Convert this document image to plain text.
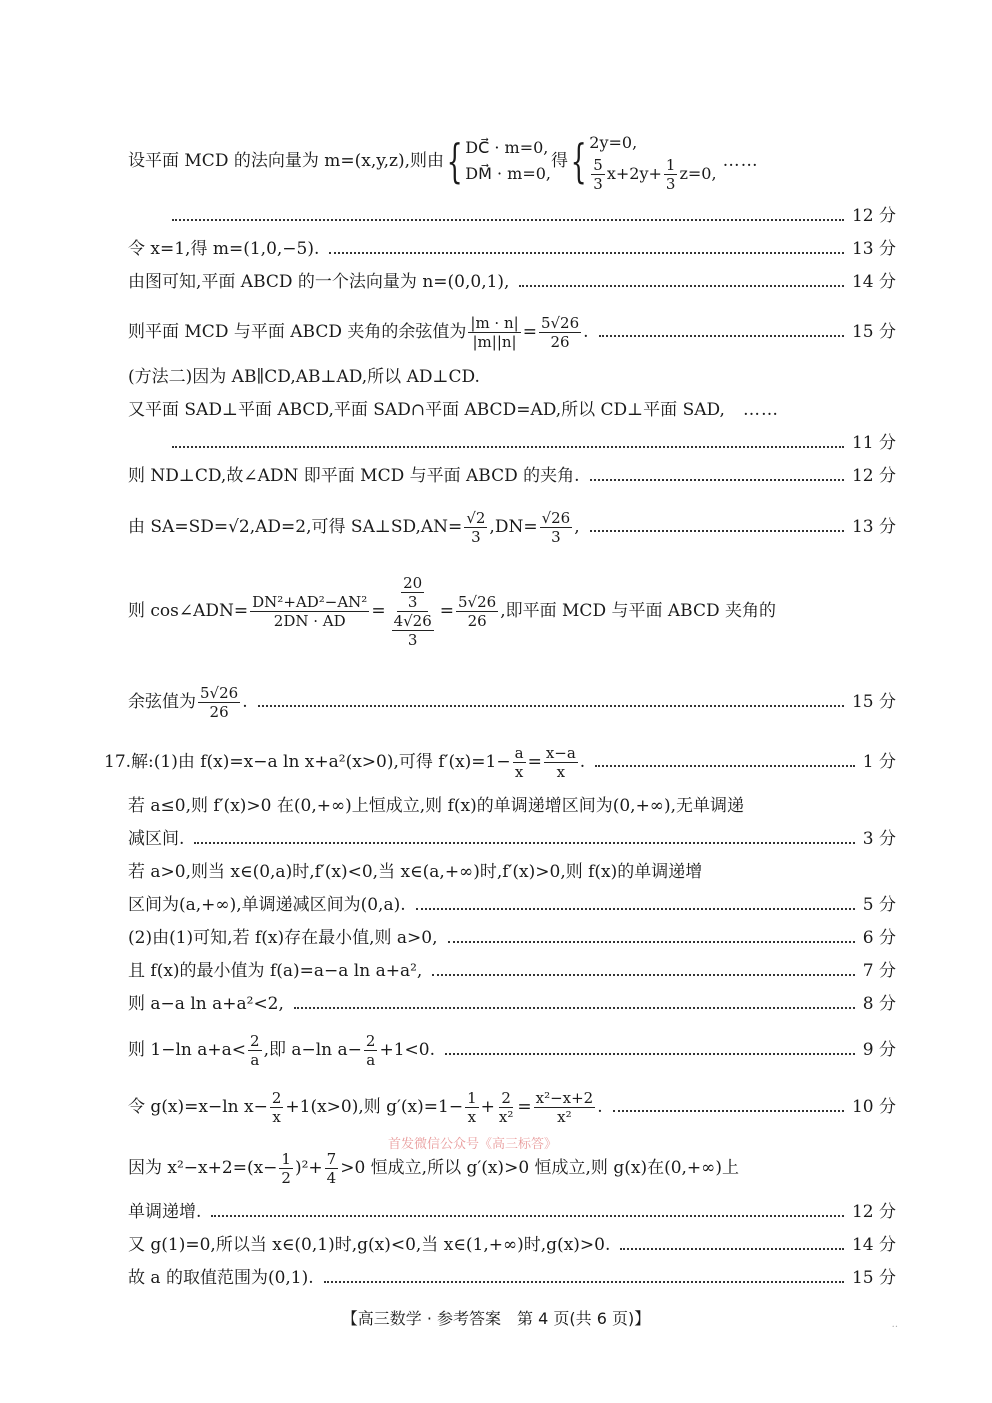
设平面 MCD 的法向量为 m=(x,y,z),则由 { DC⃗ · m=0,
DM⃗ · m=0,
得 { 2y=0,
$\frac{5}{3} x+2y+ \frac{1}{3} z=0$,
……
12 分
令 x=1,得 m=(1,0,−5).	13 分
由图可知,平面 ABCD 的一个法向量为 n=(0,0,1),	14 分
则平面 MCD 与平面 ABCD 夹角的余弦值为 $\frac{|m \cdot n|}{|m||n|} = \frac{5√26}{26}$ .	15 分
(方法二)因为 AB∥CD,AB⊥AD,所以 AD⊥CD.
又平面 SAD⊥平面 ABCD,平面 SAD∩平面 ABCD=AD,所以 CD⊥平面 SAD, ……
11 分
则 ND⊥CD,故∠ADN 即平面 MCD 与平面 ABCD 的夹角.	12 分
由 SA=SD=√2,AD=2,可得 SA⊥SD,AN= $\frac{√2}{3} ,DN= \frac{√26}{3}$ ,	13 分
则 cos∠ADN= $\frac{\text{DN²+AD²−AN²}}{2DN \cdot AD} = \frac{\frac{20}{3}}{\frac{4√26}{3}} = \frac{5√26}{26}$ ,即平面 MCD 与平面 ABCD 夹角的
余弦值为 $\frac{5√26}{26}$ .	15 分
17.解:(1)由 f(x)=x−a ln x+a²(x>0),可得 $f'(x)=1- \frac{a}{x} = \frac{x-a}{x}$ .	1 分
若 a≤0,则 f′(x)>0 在(0,+∞)上恒成立,则 f(x)的单调递增区间为(0,+∞),无单调递
减区间.	3 分
若 a>0,则当 x∈(0,a)时,f′(x)<0,当 x∈(a,+∞)时,f′(x)>0,则 f(x)的单调递增
区间为(a,+∞),单调递减区间为(0,a).	5 分
(2)由(1)可知,若 f(x)存在最小值,则 a>0,	6 分
且 f(x)的最小值为 f(a)=a−a ln a+a²,	7 分
则 a−a ln a+a²<2,	8 分
则 1−ln $a+a< \frac{2}{a}$ ,即 a−ln $a- \frac{2}{a} +1<0$.	9 分
令 g(x)=x−ln $x- \frac{2}{x} +1(x>0)$,则 $g'(x)=1- \frac{1}{x} + \frac{2}{\text{x²}} = \frac{\text{x²−x+2}}{\text{x²}}$ .	10 分
首发微信公众号《高三标答》
因为 $x^2-x+2=(x- \frac{1}{2} )^2+ \frac{7}{4} >0$ 恒成立,所以 g′(x)>0 恒成立,则 g(x)在(0,+∞)上
单调递增.	12 分
又 g(1)=0,所以当 x∈(0,1)时,g(x)<0,当 x∈(1,+∞)时,g(x)>0.	14 分
故 a 的取值范围为(0,1).	15 分
【高三数学 · 参考答案　第 4 页(共 6 页)】	··
